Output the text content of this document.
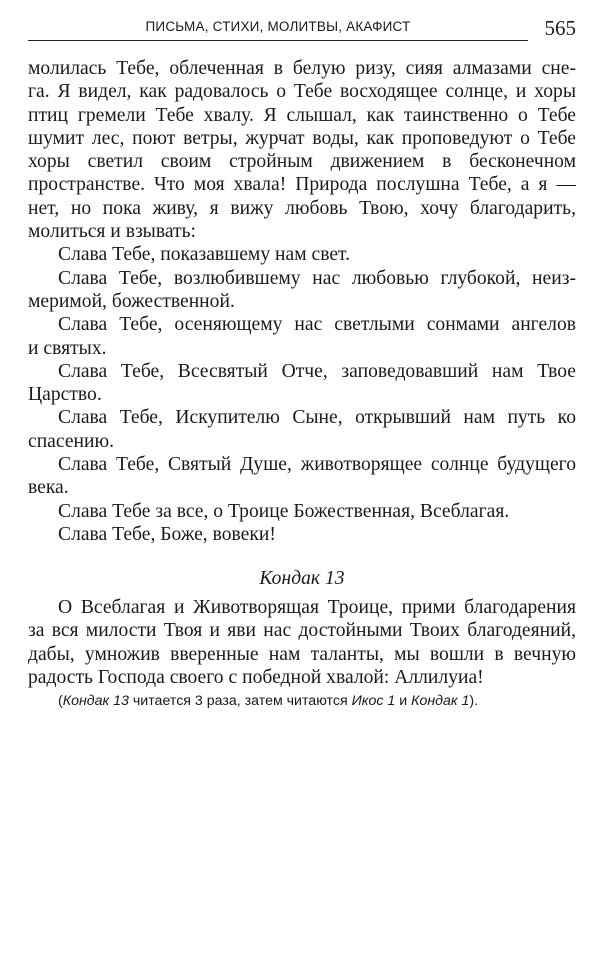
ПИСЬМА, СТИХИ, МОЛИТВЫ, АКАФИСТ	565
молилась Тебе, облеченная в белую ризу, сияя алмазами сне-
га. Я видел, как радовалось о Тебе восходящее солнце, и хоры
птиц гремели Тебе хвалу. Я слышал, как таинственно о Тебе
шумит лес, поют ветры, журчат воды, как проповедуют о Тебе
хоры светил своим стройным движением в бесконечном
пространстве. Что моя хвала! Природа послушна Тебе, а я —
нет, но пока живу, я вижу любовь Твою, хочу благодарить,
молиться и взывать:
Слава Тебе, показавшему нам свет.
Слава Тебе, возлюбившему нас любовью глубокой, неиз-
меримой, божественной.
Слава Тебе, осеняющему нас светлыми сонмами ангелов
и святых.
Слава Тебе, Всесвятый Отче, заповедовавший нам Твое
Царство.
Слава Тебе, Искупителю Сыне, открывший нам путь ко
спасению.
Слава Тебе, Святый Душе, животворящее солнце будущего
века.
Слава Тебе за все, о Троице Божественная, Всеблагая.
Слава Тебе, Боже, вовеки!
Кондак 13
О Всеблагая и Животворящая Троице, прими благодарения
за вся милости Твоя и яви нас достойными Твоих благодеяний,
дабы, умножив вверенные нам таланты, мы вошли в вечную
радость Господа своего с победной хвалой: Аллилуиа!
(Кондак 13 читается 3 раза, затем читаются Икос 1 и Кондак 1).
